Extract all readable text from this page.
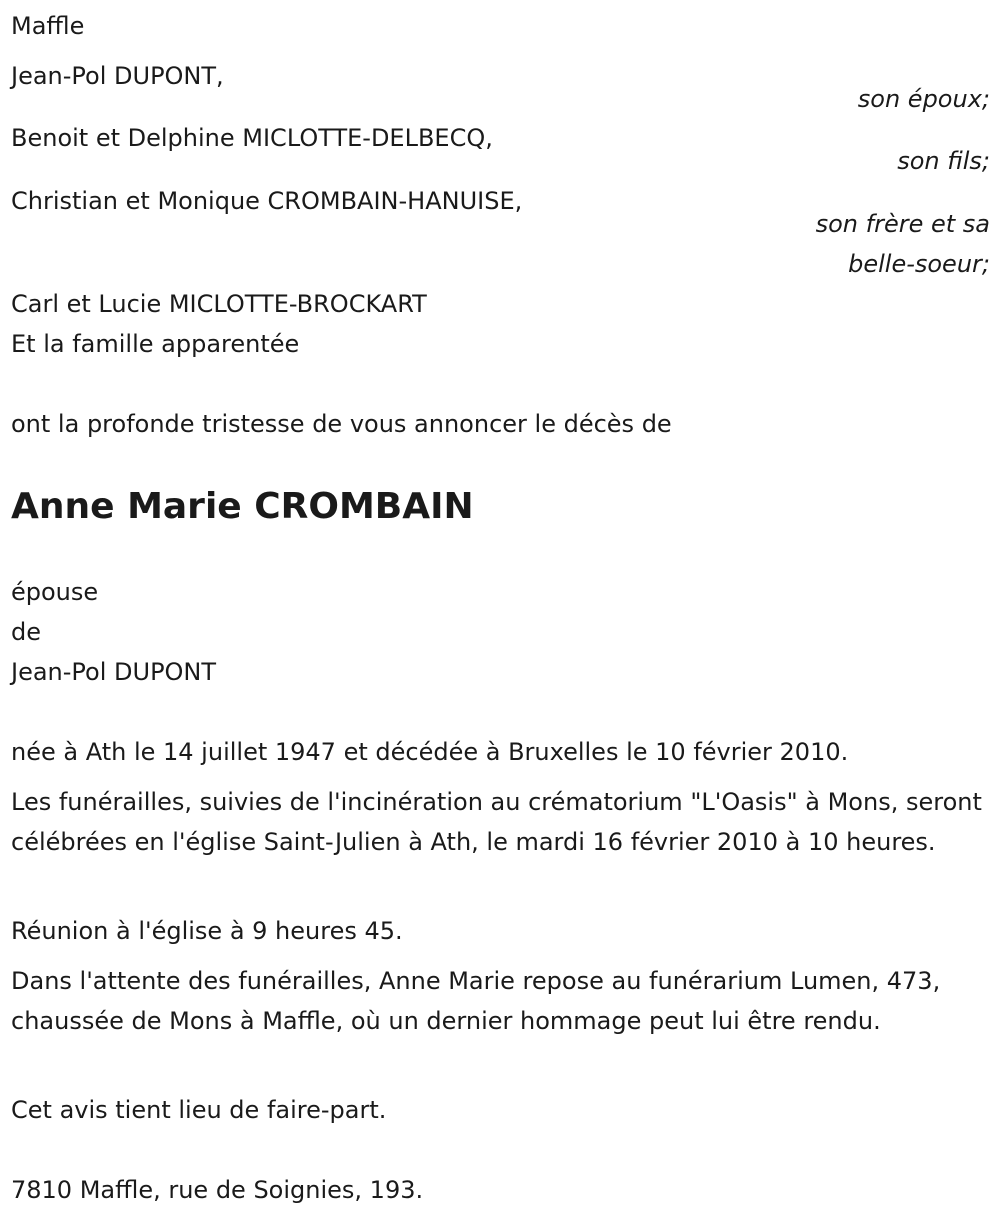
Maffle
Jean-Pol DUPONT,
son époux;
Benoit et Delphine MICLOTTE-DELBECQ,
son fils;
Christian et Monique CROMBAIN-HANUISE,
son frère et sa
belle-soeur;
Carl et Lucie MICLOTTE-BROCKART
Et la famille apparentée
ont la profonde tristesse de vous annoncer le décès de
Anne Marie CROMBAIN
épouse
de
Jean-Pol DUPONT
née à Ath le 14 juillet 1947 et décédée à Bruxelles le 10 février 2010.
Les funérailles, suivies de l'incinération au crématorium "L'Oasis" à Mons, seront célébrées en l'église Saint-Julien à Ath, le mardi 16 février 2010 à 10 heures.
Réunion à l'église à 9 heures 45.
Dans l'attente des funérailles, Anne Marie repose au funérarium Lumen, 473, chaussée de Mons à Maffle, où un dernier hommage peut lui être rendu.
Cet avis tient lieu de faire-part.
7810 Maffle, rue de Soignies, 193.
